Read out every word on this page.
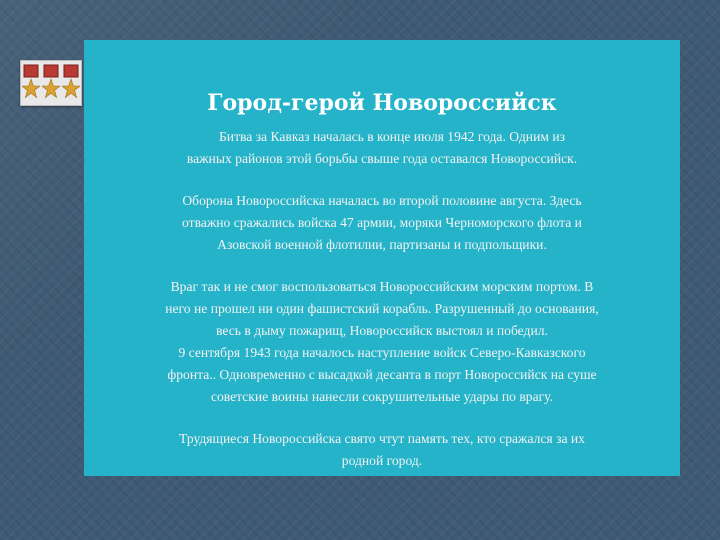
Город-герой Новороссийск
Битва за Кавказ началась в конце июля 1942 года. Одним из
важных районов этой борьбы свыше года оставался Новороссийск.
Оборона Новороссийска началась во второй половине августа. Здесь
отважно сражались войска 47 армии, моряки Черноморского флота и
Азовской военной флотилии, партизаны и подпольщики.
Враг так и не смог воспользоваться Новороссийским морским портом. В
него не прошел ни один фашистский корабль. Разрушенный до основания,
весь в дыму пожарищ, Новороссийск выстоял и победил.
9 сентября 1943 года началось наступление войск Северо-Кавказского
фронта.. Одновременно с высадкой десанта в порт Новороссийск на суше
советские воины нанесли сокрушительные удары по врагу.
Трудящиеся Новороссийска свято чтут память тех, кто сражался за их
родной город.
